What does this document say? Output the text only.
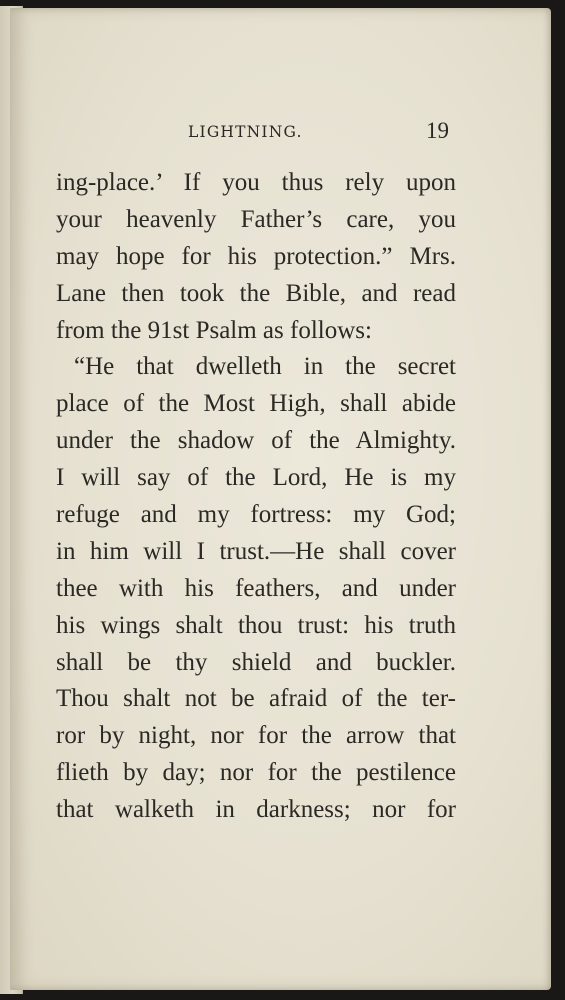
LIGHTNING.	19
ing-place.’ If you thus rely upon
your heavenly Father’s care, you
may hope for his protection.” Mrs.
Lane then took the Bible, and read
from the 91st Psalm as follows:
“He that dwelleth in the secret
place of the Most High, shall abide
under the shadow of the Almighty.
I will say of the Lord, He is my
refuge and my fortress: my God;
in him will I trust.—He shall cover
thee with his feathers, and under
his wings shalt thou trust: his truth
shall be thy shield and buckler.
Thou shalt not be afraid of the ter-
ror by night, nor for the arrow that
flieth by day; nor for the pestilence
that walketh in darkness; nor for
